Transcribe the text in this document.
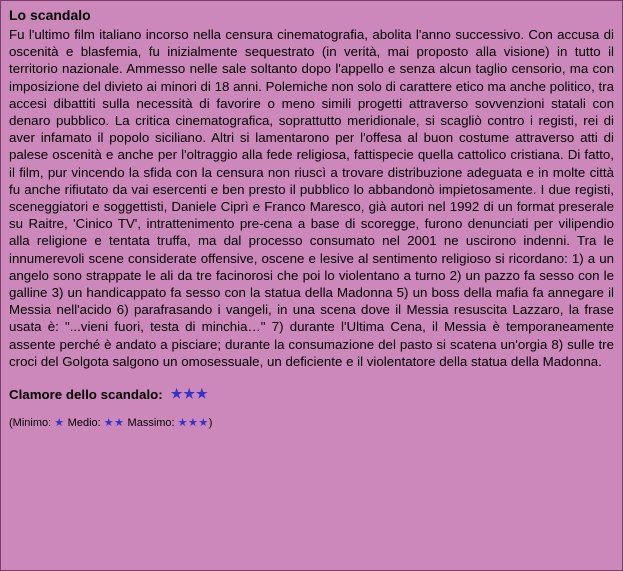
Lo scandalo

Fu l'ultimo film italiano incorso nella censura cinematografia, abolita l'anno successivo. Con accusa di oscenità e blasfemia, fu inizialmente sequestrato (in verità, mai proposto alla visione) in tutto il territorio nazionale. Ammesso nelle sale soltanto dopo l'appello e senza alcun taglio censorio, ma con imposizione del divieto ai minori di 18 anni. Polemiche non solo di carattere etico ma anche politico, tra accesi dibattiti sulla necessità di favorire o meno simili progetti attraverso sovvenzioni statali con denaro pubblico. La critica cinematografica, soprattutto meridionale, si scagliò contro i registi, rei di aver infamato il popolo siciliano. Altri si lamentarono per l'offesa al buon costume attraverso atti di palese oscenità e anche per l'oltraggio alla fede religiosa, fattispecie quella cattolico cristiana. Di fatto, il film, pur vincendo la sfida con la censura non riuscì a trovare distribuzione adeguata e in molte città fu anche rifiutato da vai esercenti e ben presto il pubblico lo abbandonò impietosamente. I due registi, sceneggiatori e soggettisti, Daniele Ciprì e Franco Maresco, già autori nel 1992 di un format preserale su Raitre, 'Cinico TV', intrattenimento pre-cena a base di scoregge, furono denunciati per vilipendio alla religione e tentata truffa, ma dal processo consumato nel 2001 ne uscirono indenni. Tra le innumerevoli scene considerate offensive, oscene e lesive al sentimento religioso si ricordano: 1) a un angelo sono strappate le ali da tre facinorosi che poi lo violentano a turno 2) un pazzo fa sesso con le galline 3) un handicappato fa sesso con la statua della Madonna 5) un boss della mafia fa annegare il Messia nell'acido 6) parafrasando i vangeli, in una scena dove il Messia resuscita Lazzaro, la frase usata è: "...vieni fuori, testa di minchia…" 7) durante l'Ultima Cena, il Messia è temporaneamente assente perché è andato a pisciare; durante la consumazione del pasto si scatena un'orgia 8) sulle tre croci del Golgota salgono un omosessuale, un deficiente e il violentatore della statua della Madonna.

Clamore dello scandalo: ★★★
(Minimo: ★ Medio: ★★ Massimo: ★★★)
